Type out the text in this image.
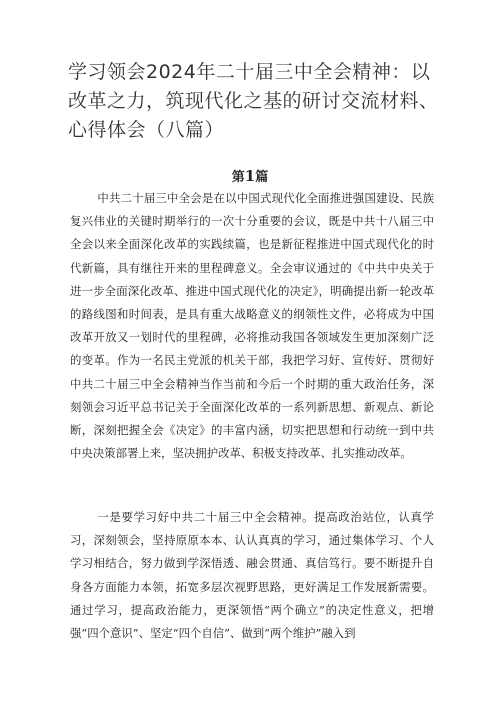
学习领会2024年二十届三中全会精神：以改革之力，筑现代化之基的研讨交流材料、心得体会（八篇）
第1篇

中共二十届三中全会是在以中国式现代化全面推进强国建设、民族复兴伟业的关键时期举行的一次十分重要的会议，既是中共十八届三中全会以来全面深化改革的实践续篇，也是新征程推进中国式现代化的时代新篇，具有继往开来的里程碑意义。全会审议通过的《中共中央关于进一步全面深化改革、推进中国式现代化的决定》，明确提出新一轮改革的路线图和时间表，是具有重大战略意义的纲领性文件，必将成为中国改革开放又一划时代的里程碑，必将推动我国各领域发生更加深刻广泛的变革。作为一名民主党派的机关干部，我把学习好、宣传好、贯彻好中共二十届三中全会精神当作当前和今后一个时期的重大政治任务，深刻领会习近平总书记关于全面深化改革的一系列新思想、新观点、新论断，深刻把握全会《决定》的丰富内涵，切实把思想和行动统一到中共中央决策部署上来，坚决拥护改革、积极支持改革、扎实推动改革。

一是要学习好中共二十届三中全会精神。提高政治站位，认真学习，深刻领会，坚持原原本本、认认真真的学习，通过集体学习、个人学习相结合，努力做到学深悟透、融会贯通、真信笃行。要不断提升自身各方面能力本领，拓宽多层次视野思路，更好满足工作发展新需要。通过学习，提高政治能力，更深领悟“两个确立”的决定性意义，把增强“四个意识”、坚定“四个自信”、做到“两个维护”融入到
